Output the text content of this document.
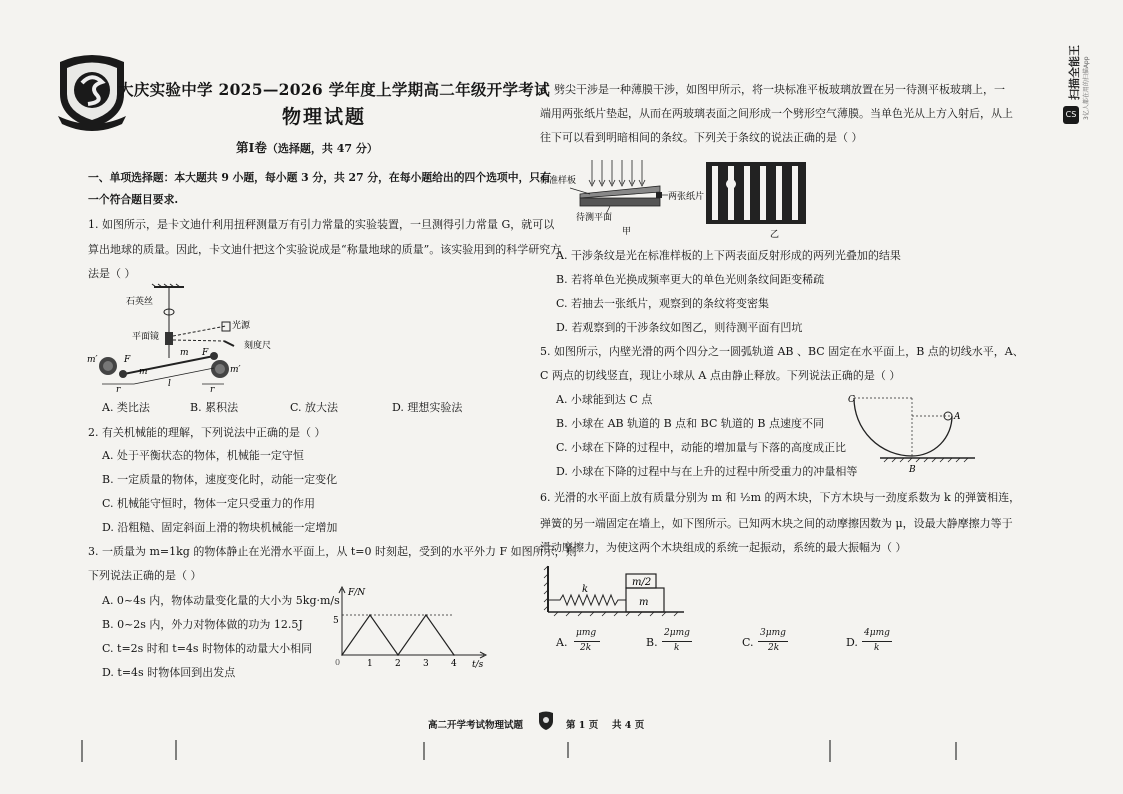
大庆实验中学 2025—2026 学年度上学期高二年级开学考试
物理试题
第Ⅰ卷（选择题，共 47 分）
一、单项选择题：本大题共 9 小题，每小题 3 分，共 27 分，在每小题给出的四个选项中，只有
一个符合题目要求.
1. 如图所示，是卡文迪什利用扭秤测量万有引力常量的实验装置，一旦测得引力常量 G，就可以
算出地球的质量。因此，卡文迪什把这个实验说成是“称量地球的质量”。该实验用到的科学研究方
法是（ ）
石英丝
平面镜
光源
刻度尺
F
F
m
m
m′
m′
r	r
l
A. 类比法	B. 累积法	C. 放大法	D. 理想实验法
2. 有关机械能的理解，下列说法中正确的是（ ）
A. 处于平衡状态的物体，机械能一定守恒
B. 一定质量的物体，速度变化时，动能一定变化
C. 机械能守恒时，物体一定只受重力的作用
D. 沿粗糙、固定斜面上滑的物块机械能一定增加
3. 一质量为 m=1kg 的物体静止在光滑水平面上，从 t=0 时刻起，受到的水平外力 F 如图所示，则
下列说法正确的是（ ）
A. 0~4s 内，物体动量变化量的大小为 5kg·m/s
B. 0~2s 内，外力对物体做的功为 12.5J
C. t=2s 时和 t=4s 时物体的动量大小相同
D. t=4s 时物体回到出发点
F/N
t/s
5
0	1 2 3 4
4. 劈尖干涉是一种薄膜干涉，如图甲所示，将一块标准平板玻璃放置在另一待测平板玻璃上，一
端用两张纸片垫起，从而在两玻璃表面之间形成一个劈形空气薄膜。当单色光从上方入射后，从上
往下可以看到明暗相间的条纹。下列关于条纹的说法正确的是（ ）
标准样板
两张纸片
待测平面
甲	乙
A. 干涉条纹是光在标准样板的上下两表面反射形成的两列光叠加的结果
B. 若将单色光换成频率更大的单色光则条纹间距变稀疏
C. 若抽去一张纸片，观察到的条纹将变密集
D. 若观察到的干涉条纹如图乙，则待测平面有凹坑
5. 如图所示，内壁光滑的两个四分之一圆弧轨道 AB 、BC 固定在水平面上，B 点的切线水平，A、
C 两点的切线竖直，现让小球从 A 点由静止释放。下列说法正确的是（ ）
A. 小球能到达 C 点
B. 小球在 AB 轨道的 B 点和 BC 轨道的 B 点速度不同
C. 小球在下降的过程中，动能的增加量与下落的高度成正比
D. 小球在下降的过程中与在上升的过程中所受重力的冲量相等
C
A
B
6. 光滑的水平面上放有质量分别为 m 和 ½m 的两木块，下方木块与一劲度系数为 k 的弹簧相连，
弹簧的另一端固定在墙上，如下图所示。已知两木块之间的动摩擦因数为 μ，设最大静摩擦力等于
滑动摩擦力，为使这两个木块组成的系统一起振动，系统的最大振幅为（ ）
k
m/2
m
A.
μmg
2k	B.
2μmg
k	C.
3μmg
2k	D.
4μmg
k
高二开学考试物理试题	第 1 页 共 4 页
CS
扫描全能王 3亿人都在用的扫描App
